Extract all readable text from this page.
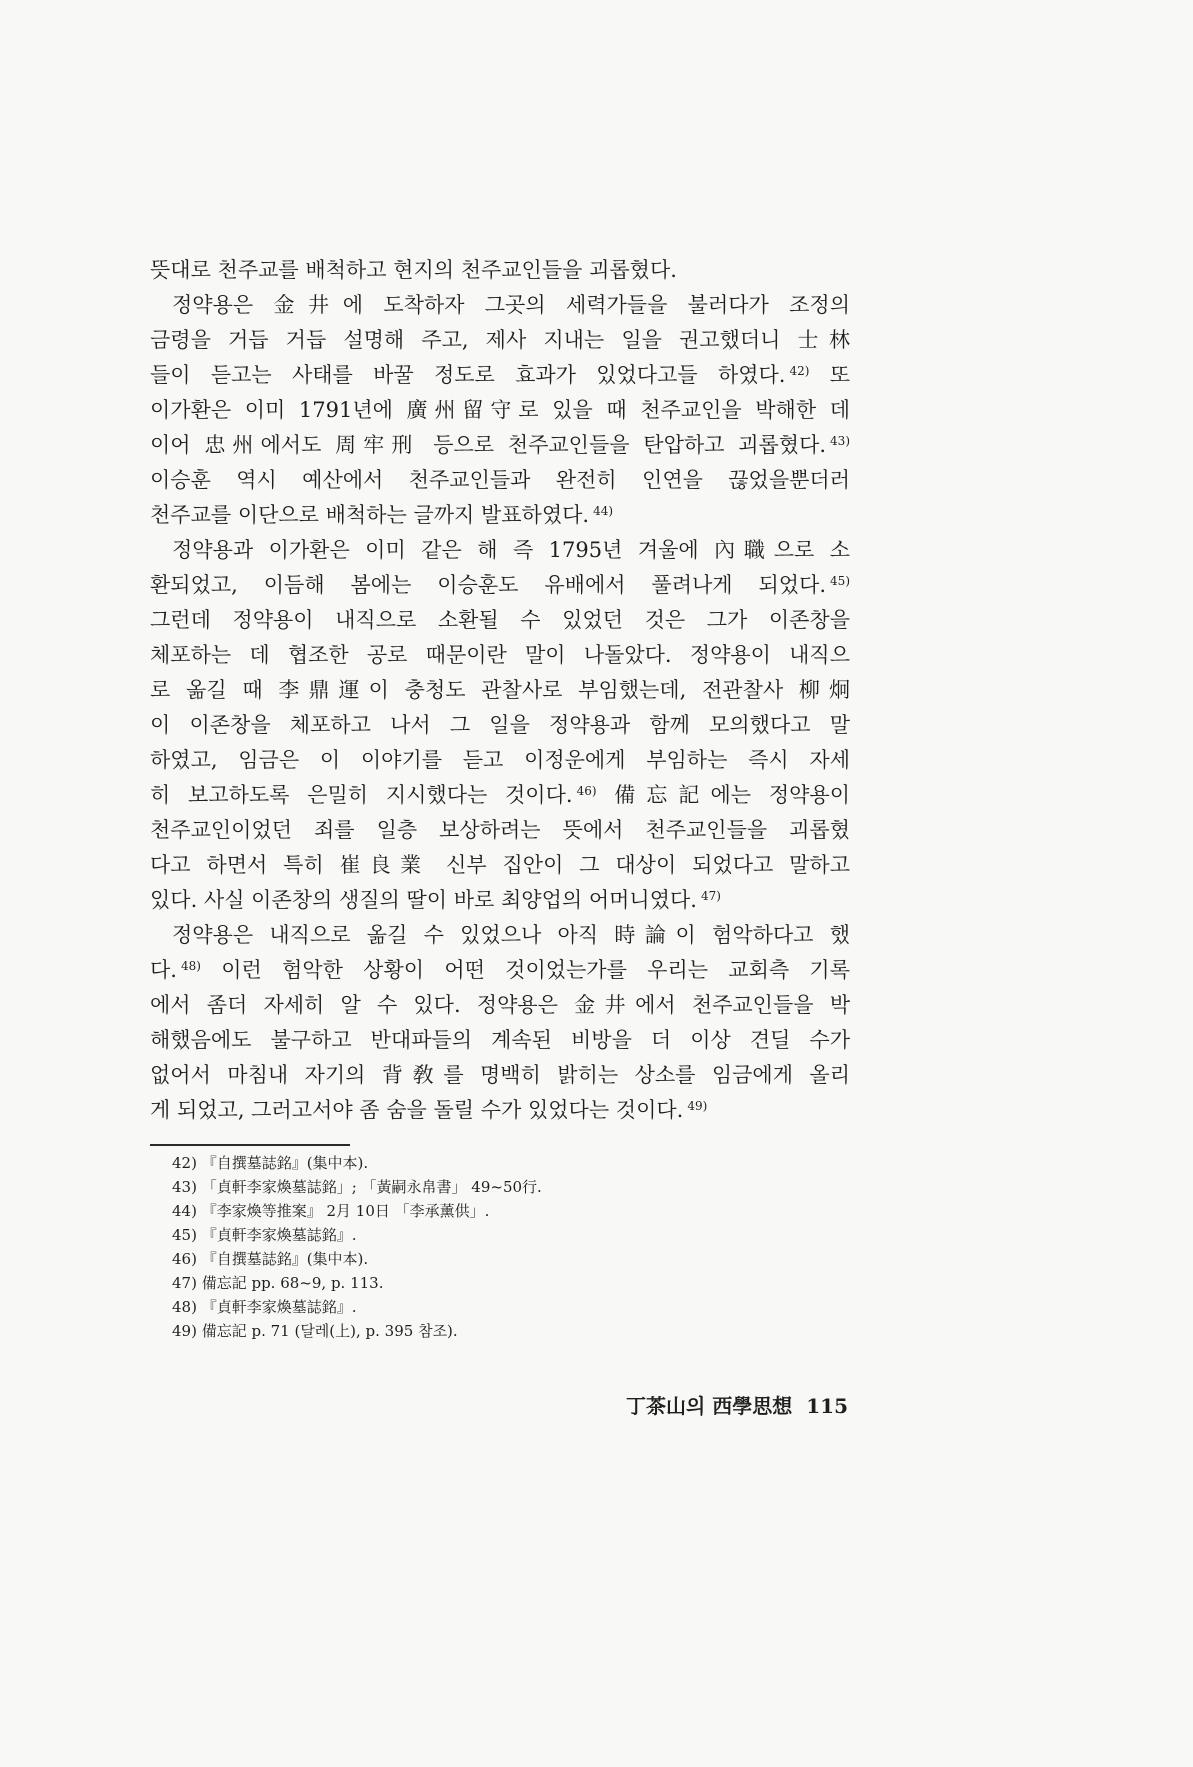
뜻대로 천주교를 배척하고 현지의 천주교인들을 괴롭혔다.
정약용은 金井에 도착하자 그곳의 세력가들을 불러다가 조정의
금령을 거듭 거듭 설명해 주고, 제사 지내는 일을 권고했더니 士林
들이 듣고는 사태를 바꿀 정도로 효과가 있었다고들 하였다. $^{42)}$ 또
이가환은 이미 1791년에 廣州留守로 있을 때 천주교인을 박해한 데
이어 忠州에서도 周牢刑 등으로 천주교인들을 탄압하고 괴롭혔다. $^{43)}$
이승훈 역시 예산에서 천주교인들과 완전히 인연을 끊었을뿐더러
천주교를 이단으로 배척하는 글까지 발표하였다. $^{44)}$
정약용과 이가환은 이미 같은 해 즉 1795년 겨울에 內職으로 소
환되었고, 이듬해 봄에는 이승훈도 유배에서 풀려나게 되었다. $^{45)}$
그런데 정약용이 내직으로 소환될 수 있었던 것은 그가 이존창을
체포하는 데 협조한 공로 때문이란 말이 나돌았다. 정약용이 내직으
로 옮길 때 李鼎運이 충청도 관찰사로 부임했는데, 전관찰사 柳炯
이 이존창을 체포하고 나서 그 일을 정약용과 함께 모의했다고 말
하였고, 임금은 이 이야기를 듣고 이정운에게 부임하는 즉시 자세
히 보고하도록 은밀히 지시했다는 것이다. $^{46)}$ 備忘記에는 정약용이
천주교인이었던 죄를 일층 보상하려는 뜻에서 천주교인들을 괴롭혔
다고 하면서 특히 崔良業 신부 집안이 그 대상이 되었다고 말하고
있다. 사실 이존창의 생질의 딸이 바로 최양업의 어머니였다. $^{47)}$
정약용은 내직으로 옮길 수 있었으나 아직 時論이 험악하다고 했
다. $^{48)}$ 이런 험악한 상황이 어떤 것이었는가를 우리는 교회측 기록
에서 좀더 자세히 알 수 있다. 정약용은 金井에서 천주교인들을 박
해했음에도 불구하고 반대파들의 계속된 비방을 더 이상 견딜 수가
없어서 마침내 자기의 背敎를 명백히 밝히는 상소를 임금에게 올리
게 되었고, 그러고서야 좀 숨을 돌릴 수가 있었다는 것이다. $^{49)}$
42) 『自撰墓誌銘』(集中本).
43) 「貞軒李家煥墓誌銘」; 「黃嗣永帛書」 49~50行.
44) 『李家煥等推案』 2月 10日 「李承薰供」.
45) 『貞軒李家煥墓誌銘』.
46) 『自撰墓誌銘』(集中本).
47) 備忘記 pp. 68~9, p. 113.
48) 『貞軒李家煥墓誌銘』.
49) 備忘記 p. 71 (달레(上), p. 395 참조).
丁茶山의 西學思想 115
